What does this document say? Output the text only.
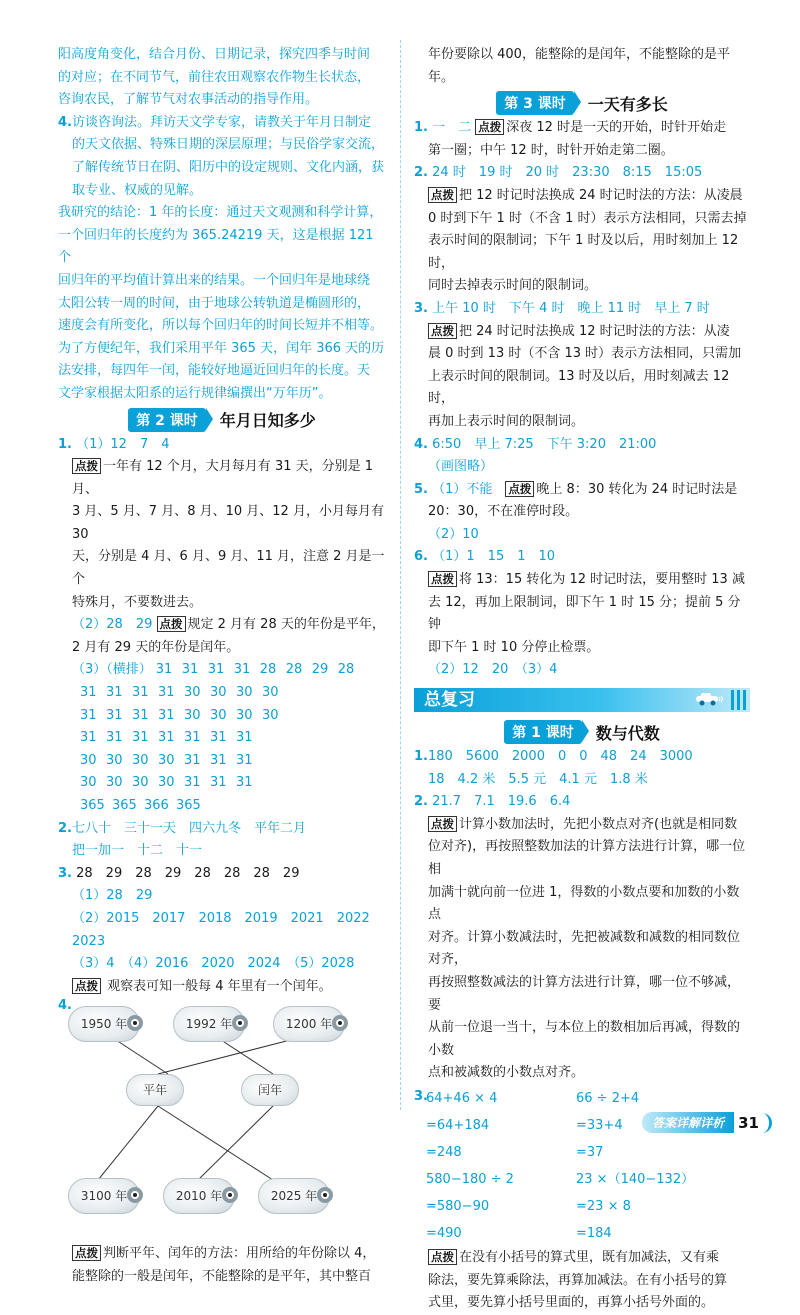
阳高度角变化，结合月份、日期记录，探究四季与时间

的对应；在不同节气，前往农田观察农作物生长状态，

咨询农民，了解节气对农事活动的指导作用。

4.访谈咨询法。拜访天文学专家，请教关于年月日制定

的天文依据、特殊日期的深层原理；与民俗学家交流，

了解传统节日在阴、阳历中的设定规则、文化内涵，获

取专业、权威的见解。

我研究的结论：1 年的长度：通过天文观测和科学计算，

一个回归年的长度约为 365.24219 天，这是根据 121 个

回归年的平均值计算出来的结果。一个回归年是地球绕

太阳公转一周的时间，由于地球公转轨道是椭圆形的，

速度会有所变化，所以每个回归年的时间长短并不相等。

为了方便纪年，我们采用平年 365 天，闰年 366 天的历

法安排，每四年一闰，能较好地逼近回归年的长度。天

文学家根据太阳系的运行规律编撰出“万年历”。

第 2 课时	年月日知多少

1. （1）12　7　4

点拨 一年有 12 个月，大月每月有 31 天，分别是 1 月、

3 月、5 月、7 月、8 月、10 月、12 月，小月每月有 30

天，分别是 4 月、6 月、9 月、11 月，注意 2 月是一个

特殊月，不要数进去。

（2）28　29 点拨 规定 2 月有 28 天的年份是平年，

2 月有 29 天的年份是闰年。

（3）（横排） 31 31 31 31 28 28 29 28

31 31 31 31 30 30 30 30

31 31 31 31 30 30 30 30

31 31 31 31 31 31 31

30 30 30 30 31 31 31

30 30 30 30 31 31 31

365 365 366 365

2.七八十　三十一天　四六九冬　平年二月

把一加一　十二　十一

3. 28　29　28　29　28　28　28　29

（1）28　29

（2）2015　2017　2018　2019　2021　2022　2023

（3）4　（4）2016　2020　2024　（5）2028

点拨 观察表可知一般每 4 年里有一个闰年。

4.
1950 年	1992 年	1200 年
平年	闰年
3100 年	2010 年	2025 年

点拨 判断平年、闰年的方法：用所给的年份除以 4，

能整除的一般是闰年，不能整除的是平年，其中整百

年份要除以 400，能整除的是闰年，不能整除的是平年。

第 3 课时	一天有多长

1. 一　二 点拨 深夜 12 时是一天的开始，时针开始走

第一圈；中午 12 时，时针开始走第二圈。

2. 24 时　19 时　20 时　23:30　8:15　15:05

点拨 把 12 时记时法换成 24 时记时法的方法：从凌晨

0 时到下午 1 时（不含 1 时）表示方法相同，只需去掉

表示时间的限制词；下午 1 时及以后，用时刻加上 12 时，

同时去掉表示时间的限制词。

3. 上午 10 时　下午 4 时　晚上 11 时　早上 7 时

点拨 把 24 时记时法换成 12 时记时法的方法：从凌

晨 0 时到 13 时（不含 13 时）表示方法相同，只需加

上表示时间的限制词。13 时及以后，用时刻减去 12 时，

再加上表示时间的限制词。

4. 6:50　早上 7:25　下午 3:20　21:00

（画图略）

5. （1）不能　 点拨 晚上 8：30 转化为 24 时记时法是

20：30，不在准停时段。

（2）10

6. （1）1　15　1　10

点拨 将 13：15 转化为 12 时记时法，要用整时 13 减

去 12，再加上限制词，即下午 1 时 15 分；提前 5 分钟

即下午 1 时 10 分停止检票。

（2）12　20　（3）4

总复习
第 1 课时	数与代数

1.180　5600　2000　0　0　48　24　3000

18　4.2 米　5.5 元　4.1 元　1.8 米

2. 21.7　7.1　19.6　6.4

点拨 计算小数加法时，先把小数点对齐(也就是相同数

位对齐)，再按照整数加法的计算方法进行计算，哪一位相

加满十就向前一位进 1，得数的小数点要和加数的小数点

对齐。计算小数减法时，先把被减数和减数的相同数位对齐，

再按照整数减法的计算方法进行计算，哪一位不够减，要

从前一位退一当十，与本位上的数相加后再减，得数的小数

点和被减数的小数点对齐。

3.
64+46 × 4	66 ÷ 2+4
=64+184	=33+4
=248	=37
580−180 ÷ 2	23 ×（140−132）
=580−90	=23 × 8
=490	=184

点拨 在没有小括号的算式里，既有加减法，又有乘

除法，要先算乘除法，再算加减法。在有小括号的算

式里，要先算小括号里面的，再算小括号外面的。

答案详解详析 31
